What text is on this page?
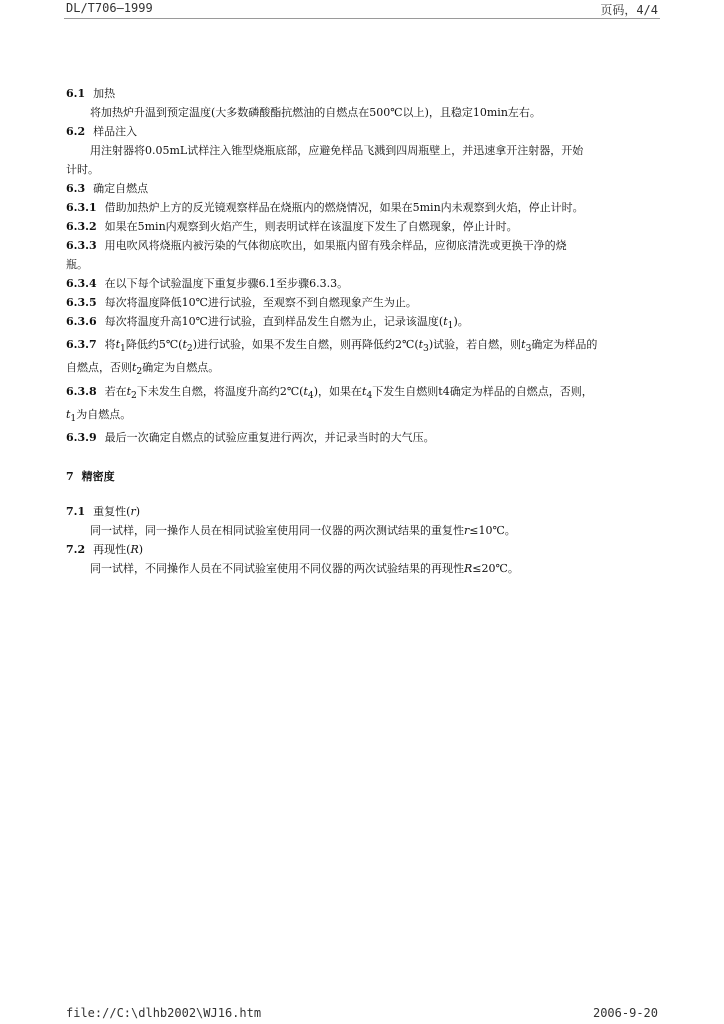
DL/T706—1999	页码，4/4
6.1 加热
将加热炉升温到预定温度(大多数磷酸酯抗燃油的自燃点在500℃以上)，且稳定10min左右。
6.2 样品注入
用注射器将0.05mL试样注入锥型烧瓶底部，应避免样品飞溅到四周瓶壁上，并迅速拿开注射器，开始
计时。
6.3 确定自燃点
6.3.1 借助加热炉上方的反光镜观察样品在烧瓶内的燃烧情况，如果在5min内未观察到火焰，停止计时。
6.3.2 如果在5min内观察到火焰产生，则表明试样在该温度下发生了自燃现象，停止计时。
6.3.3 用电吹风将烧瓶内被污染的气体彻底吹出，如果瓶内留有残余样品，应彻底清洗或更换干净的烧
瓶。
6.3.4 在以下每个试验温度下重复步骤6.1至步骤6.3.3。
6.3.5 每次将温度降低10℃进行试验，至观察不到自燃现象产生为止。
6.3.6 每次将温度升高10℃进行试验，直到样品发生自燃为止，记录该温度$(t_1)$。
6.3.7 将$t_1$降低约$5℃(t_2)$进行试验，如果不发生自燃，则再降低约$2℃(t_3)$试验，若自燃，则$t_3$确定为样品的
自燃点，否则$t_2$确定为自燃点。
6.3.8 若在$t_2$下未发生自燃，将温度升高约$2℃(t_4)$，如果在$t_4$下发生自燃则t4确定为样品的自燃点，否则，
$t_1$为自燃点。
6.3.9 最后一次确定自燃点的试验应重复进行两次，并记录当时的大气压。
7 精密度
7.1 重复性(r)
同一试样，同一操作人员在相同试验室使用同一仪器的两次测试结果的重复性r≤10℃。
7.2 再现性(R)
同一试样，不同操作人员在不同试验室使用不同仪器的两次试验结果的再现性R≤20℃。
file://C:\dlhb2002\WJ16.htm	2006-9-20
